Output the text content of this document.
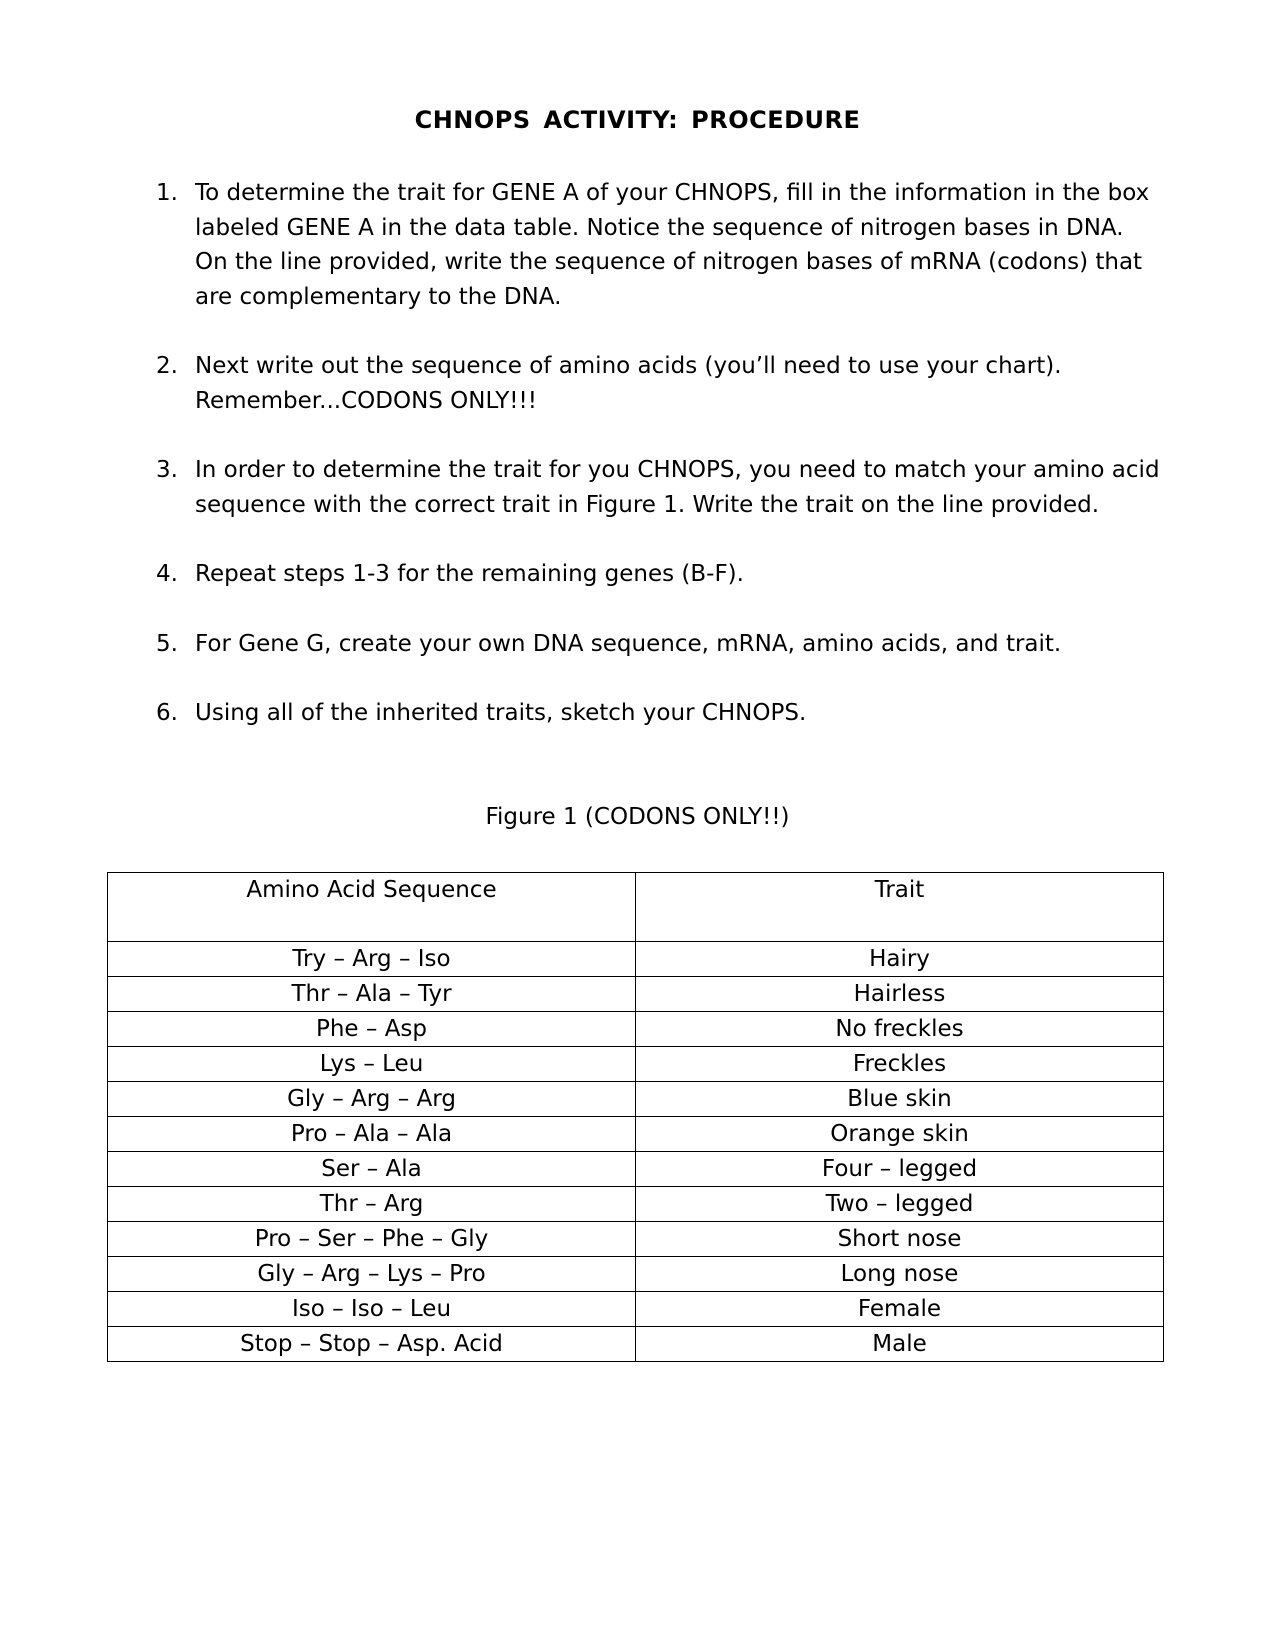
CHNOPS ACTIVITY: PROCEDURE
1. To determine the trait for GENE A of your CHNOPS, fill in the information in the box labeled GENE A in the data table. Notice the sequence of nitrogen bases in DNA. On the line provided, write the sequence of nitrogen bases of mRNA (codons) that are complementary to the DNA.
2. Next write out the sequence of amino acids (you’ll need to use your chart). Remember...CODONS ONLY!!!
3. In order to determine the trait for you CHNOPS, you need to match your amino acid sequence with the correct trait in Figure 1. Write the trait on the line provided.
4. Repeat steps 1-3 for the remaining genes (B-F).
5. For Gene G, create your own DNA sequence, mRNA, amino acids, and trait.
6. Using all of the inherited traits, sketch your CHNOPS.
Figure 1 (CODONS ONLY!!)
Amino Acid Sequence	Trait
Try – Arg – Iso	Hairy
Thr – Ala – Tyr	Hairless
Phe – Asp	No freckles
Lys – Leu	Freckles
Gly – Arg – Arg	Blue skin
Pro – Ala – Ala	Orange skin
Ser – Ala	Four – legged
Thr – Arg	Two – legged
Pro – Ser – Phe – Gly	Short nose
Gly – Arg – Lys – Pro	Long nose
Iso – Iso – Leu	Female
Stop – Stop – Asp. Acid	Male
